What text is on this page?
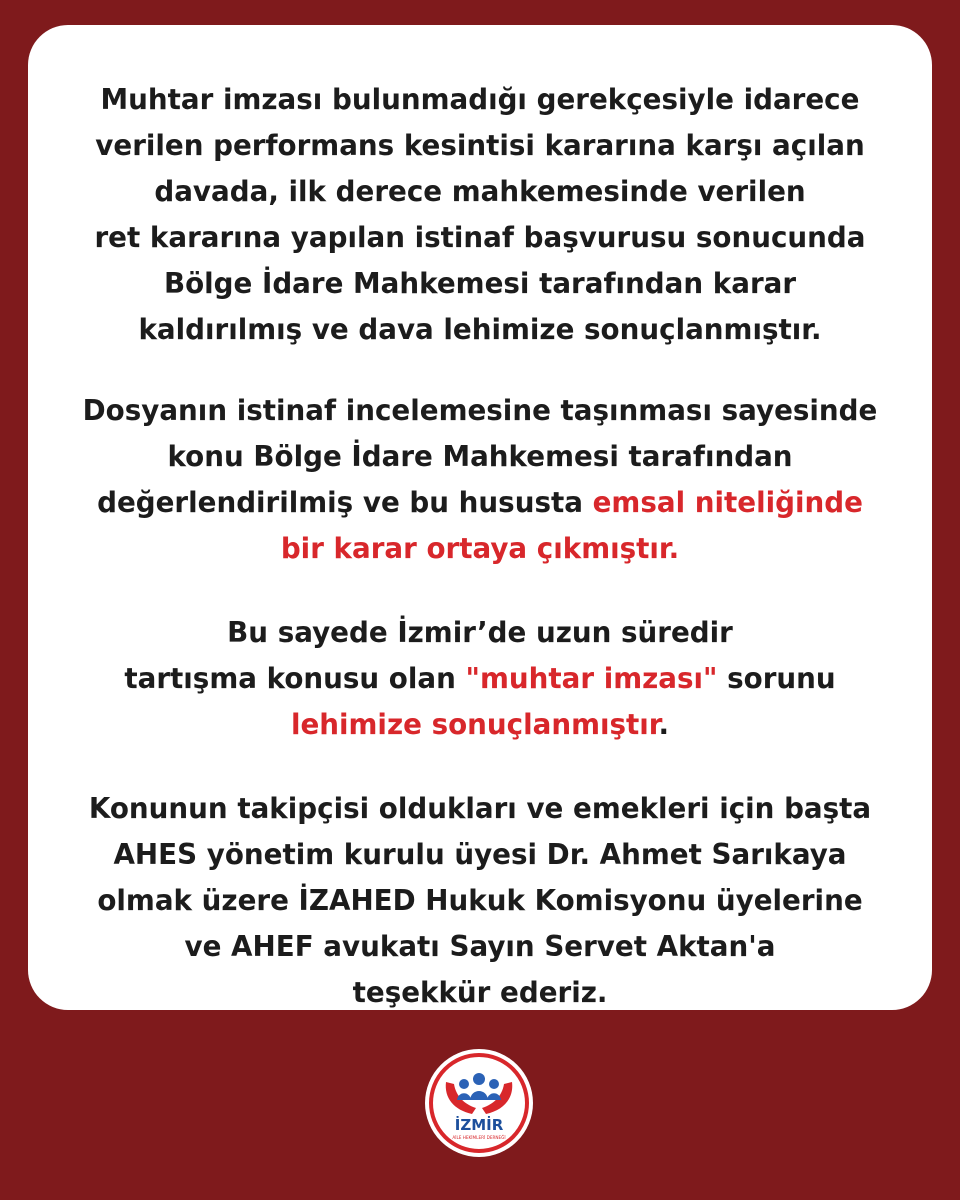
Muhtar imzası bulunmadığı gerekçesiyle idarece
verilen performans kesintisi kararına karşı açılan
davada, ilk derece mahkemesinde verilen
ret kararına yapılan istinaf başvurusu sonucunda
Bölge İdare Mahkemesi tarafından karar
kaldırılmış ve dava lehimize sonuçlanmıştır.
Dosyanın istinaf incelemesine taşınması sayesinde
konu Bölge İdare Mahkemesi tarafından
değerlendirilmiş ve bu hususta emsal niteliğinde
bir karar ortaya çıkmıştır.
Bu sayede İzmir’de uzun süredir
tartışma konusu olan "muhtar imzası" sorunu
lehimize sonuçlanmıştır.
Konunun takipçisi oldukları ve emekleri için başta
AHES yönetim kurulu üyesi Dr. Ahmet Sarıkaya
olmak üzere İZAHED Hukuk Komisyonu üyelerine
ve AHEF avukatı Sayın Servet Aktan'a
teşekkür ederiz.
İZMİR
AİLE HEKİMLERİ DERNEĞİ
